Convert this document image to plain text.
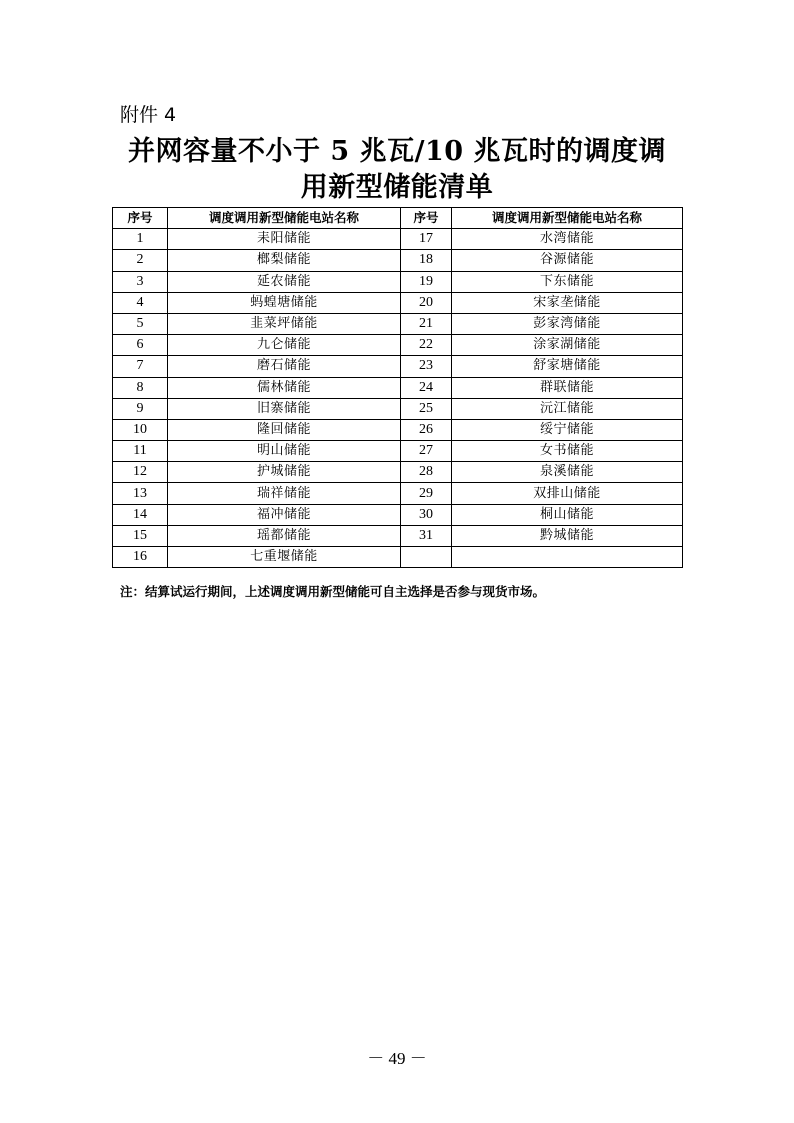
附件 4
并网容量不小于 5 兆瓦/10 兆瓦时的调度调
用新型储能清单
序号	调度调用新型储能电站名称	序号	调度调用新型储能电站名称
1	耒阳储能	17	水湾储能
2	榔梨储能	18	谷源储能
3	延农储能	19	下东储能
4	蚂蝗塘储能	20	宋家垄储能
5	韭菜坪储能	21	彭家湾储能
6	九仑储能	22	涂家湖储能
7	磨石储能	23	舒家塘储能
8	儒林储能	24	群联储能
9	旧寨储能	25	沅江储能
10	隆回储能	26	绥宁储能
11	明山储能	27	女书储能
12	护城储能	28	泉溪储能
13	瑞祥储能	29	双排山储能
14	福冲储能	30	桐山储能
15	瑶都储能	31	黔城储能
16	七重堰储能		
注：结算试运行期间，上述调度调用新型储能可自主选择是否参与现货市场。
－ 49 －
